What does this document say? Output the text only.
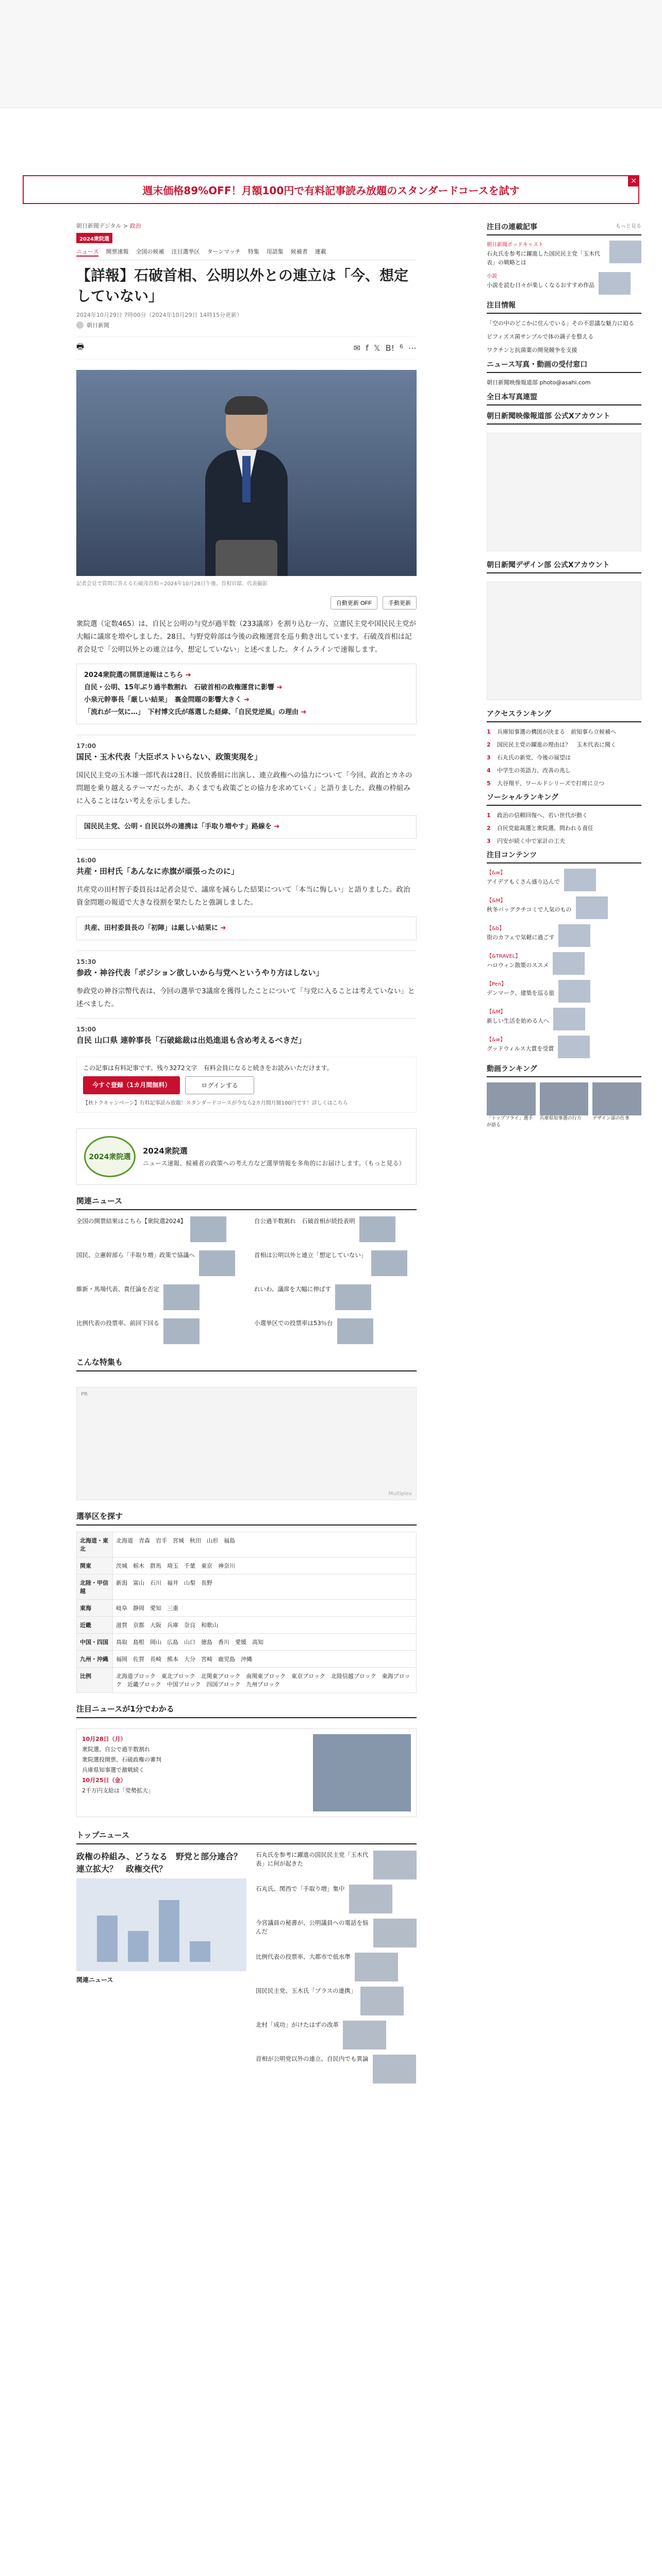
週末価格89%OFF！月額100円で有料記事読み放題のスタンダードコースを試す
×
朝日新聞デジタル > 政治
2024衆院選
ニュース 開票速報 全国の候補 注目選挙区 ターンマッチ 特集 用語集 候補者 連載
【詳報】石破首相、公明以外との連立は「今、想定していない」
2024年10月29日 7時00分（2024年10月29日 14時15分更新）
朝日新聞
🖶	✉ f 𝕏 B! 6 ⋯
記者会見で質問に答える石破茂首相＝2024年10月28日午後、首相官邸、代表撮影
自動更新 OFF	手動更新

衆院選（定数465）は、自民と公明の与党が過半数（233議席）を割り込む一方、立憲民主党や国民民主党が大幅に議席を増やしました。28日、与野党幹部は今後の政権運営を巡り動き出しています。石破茂首相は記者会見で「公明以外との連立は今、想定していない」と述べました。タイムラインで速報します。

2024衆院選の開票速報はこちら ➔
自民・公明、15年ぶり過半数割れ　石破首相の政権運営に影響 ➔
小泉元幹事長「厳しい結果」　裏金問題の影響大きく ➔
「流れが一気に…」　下村博文氏が落選した経緯、「自民党逆風」の理由 ➔
17:00
国民・玉木代表「大臣ポストいらない、政策実現を」

国民民主党の玉木雄一郎代表は28日、民放番組に出演し、連立政権への協力について「今回、政治とカネの問題を乗り越えるテーマだったが、あくまでも政策ごとの協力を求めていく」と語りました。政権の枠組みに入ることはない考えを示しました。

国民民主党、公明・自民以外の連携は「手取り増やす」路線を ➔
16:00
共産・田村氏「あんなに赤旗が頑張ったのに」

共産党の田村智子委員長は記者会見で、議席を減らした結果について「本当に悔しい」と語りました。政治資金問題の報道で大きな役割を果たしたと強調しました。

共産、田村委員長の「初陣」は厳しい結果に ➔
15:30
参政・神谷代表「ポジション欲しいから与党へというやり方はしない」

参政党の神谷宗幣代表は、今回の選挙で3議席を獲得したことについて「与党に入ることは考えていない」と述べました。

15:00
自民 山口県 連幹事長「石破総裁は出処進退も含め考えるべきだ」
この記事は有料記事です。残り3272文字　有料会員になると続きをお読みいただけます。
今すぐ登録（1カ月間無料）	ログインする
【秋トクキャンペーン】有料記事読み放題！スタンダードコースが今なら2カ月間月額100円です！詳しくはこちら
2024衆院選
2024衆院選
ニュース速報、候補者の政策への考え方など選挙情報を多角的にお届けします。（もっと見る）
関連ニュース
全国の開票結果はこちら【衆院選2024】	自公過半数割れ　石破首相が続投表明
国民、立憲幹部ら「手取り増」政策で協議へ	首相は公明以外と連立「想定していない」
維新・馬場代表、責任論を否定	れいわ、議席を大幅に伸ばす
比例代表の投票率、前回下回る	小選挙区での投票率は53％台
こんな特集も
PR
Multiplex
選挙区を探す
北海道・東北	北海道　青森　岩手　宮城　秋田　山形　福島
関東	茨城　栃木　群馬　埼玉　千葉　東京　神奈川
北陸・甲信越	新潟　富山　石川　福井　山梨　長野
東海	岐阜　静岡　愛知　三重
近畿	滋賀　京都　大阪　兵庫　奈良　和歌山
中国・四国	鳥取　島根　岡山　広島　山口　徳島　香川　愛媛　高知
九州・沖縄	福岡　佐賀　長崎　熊本　大分　宮崎　鹿児島　沖縄
比例	北海道ブロック　東北ブロック　北関東ブロック　南関東ブロック　東京ブロック　北陸信越ブロック　東海ブロック　近畿ブロック　中国ブロック　四国ブロック　九州ブロック
注目ニュースが1分でわかる
10月28日（月）
衆院選、自公で過半数割れ
衆院選投開票、石破政権の審判
兵庫県知事選で激戦続く
10月25日（金）
2千万円支給は「党勢拡大」
トップニュース
政権の枠組み、どうなる　野党と部分連合？　連立拡大？　政権交代？
関連ニュース
石丸氏を参考に躍進の国民民主党「玉木代表」に何が起きた
石丸氏、関西で「手取り増」集中
今宮議員の秘書が、公明議員への電話を悩んだ
比例代表の投票率、大都市で低水準
国民民主党、玉木氏「プラスの連携」
北村「成功」がけたはずの改革
首相が公明党以外の連立、自民内でも異論
注目の連載記事	もっと見る
朝日新聞ポッドキャスト
石丸氏を参考に躍進した国民民主党「玉木代表」の戦略とは
小説
小説を読む日々が楽しくなるおすすめ作品
注目情報
「空の中のどこかに住んでいる」その不思議な魅力に迫る
ビフィズス菌サンプルで体の調子を整える
ワクチンと抗菌薬の開発競争を支援
ニュース写真・動画の受付窓口
朝日新聞映像報道部 photo@asahi.com
全日本写真連盟
朝日新聞映像報道部 公式Xアカウント
朝日新聞デザイン部 公式Xアカウント
アクセスランキング
1	兵庫知事選の構図が決まる　前知事ら立候補へ
2	国民民主党の躍進の理由は？　玉木代表に聞く
3	石丸氏の新党、今後の展望は
4	中学生の英語力、改善の兆し
5	大谷翔平、ワールドシリーズで打席に立つ
ソーシャルランキング
1	政治の信頼回復へ、若い世代が動く
2	自民党総裁選と衆院選、問われる責任
3	円安が続く中で家計の工夫
注目コンテンツ
【&w】
アイデアもくさん盛り込んで
【&M】
秋冬バッグクチコミで人気のもの
【&b】
街のカフェで気軽に過ごす
【&TRAVEL】
ハロウィン散策のススメ
【Pen】
デンマーク、建築を巡る旅
【&M】
新しい生活を始める人へ
【&w】
グッドウィルス大賞を受賞
動画ランキング
「トップフライ」選手が語る
兵庫県知事選の行方	デザイン部の仕事
